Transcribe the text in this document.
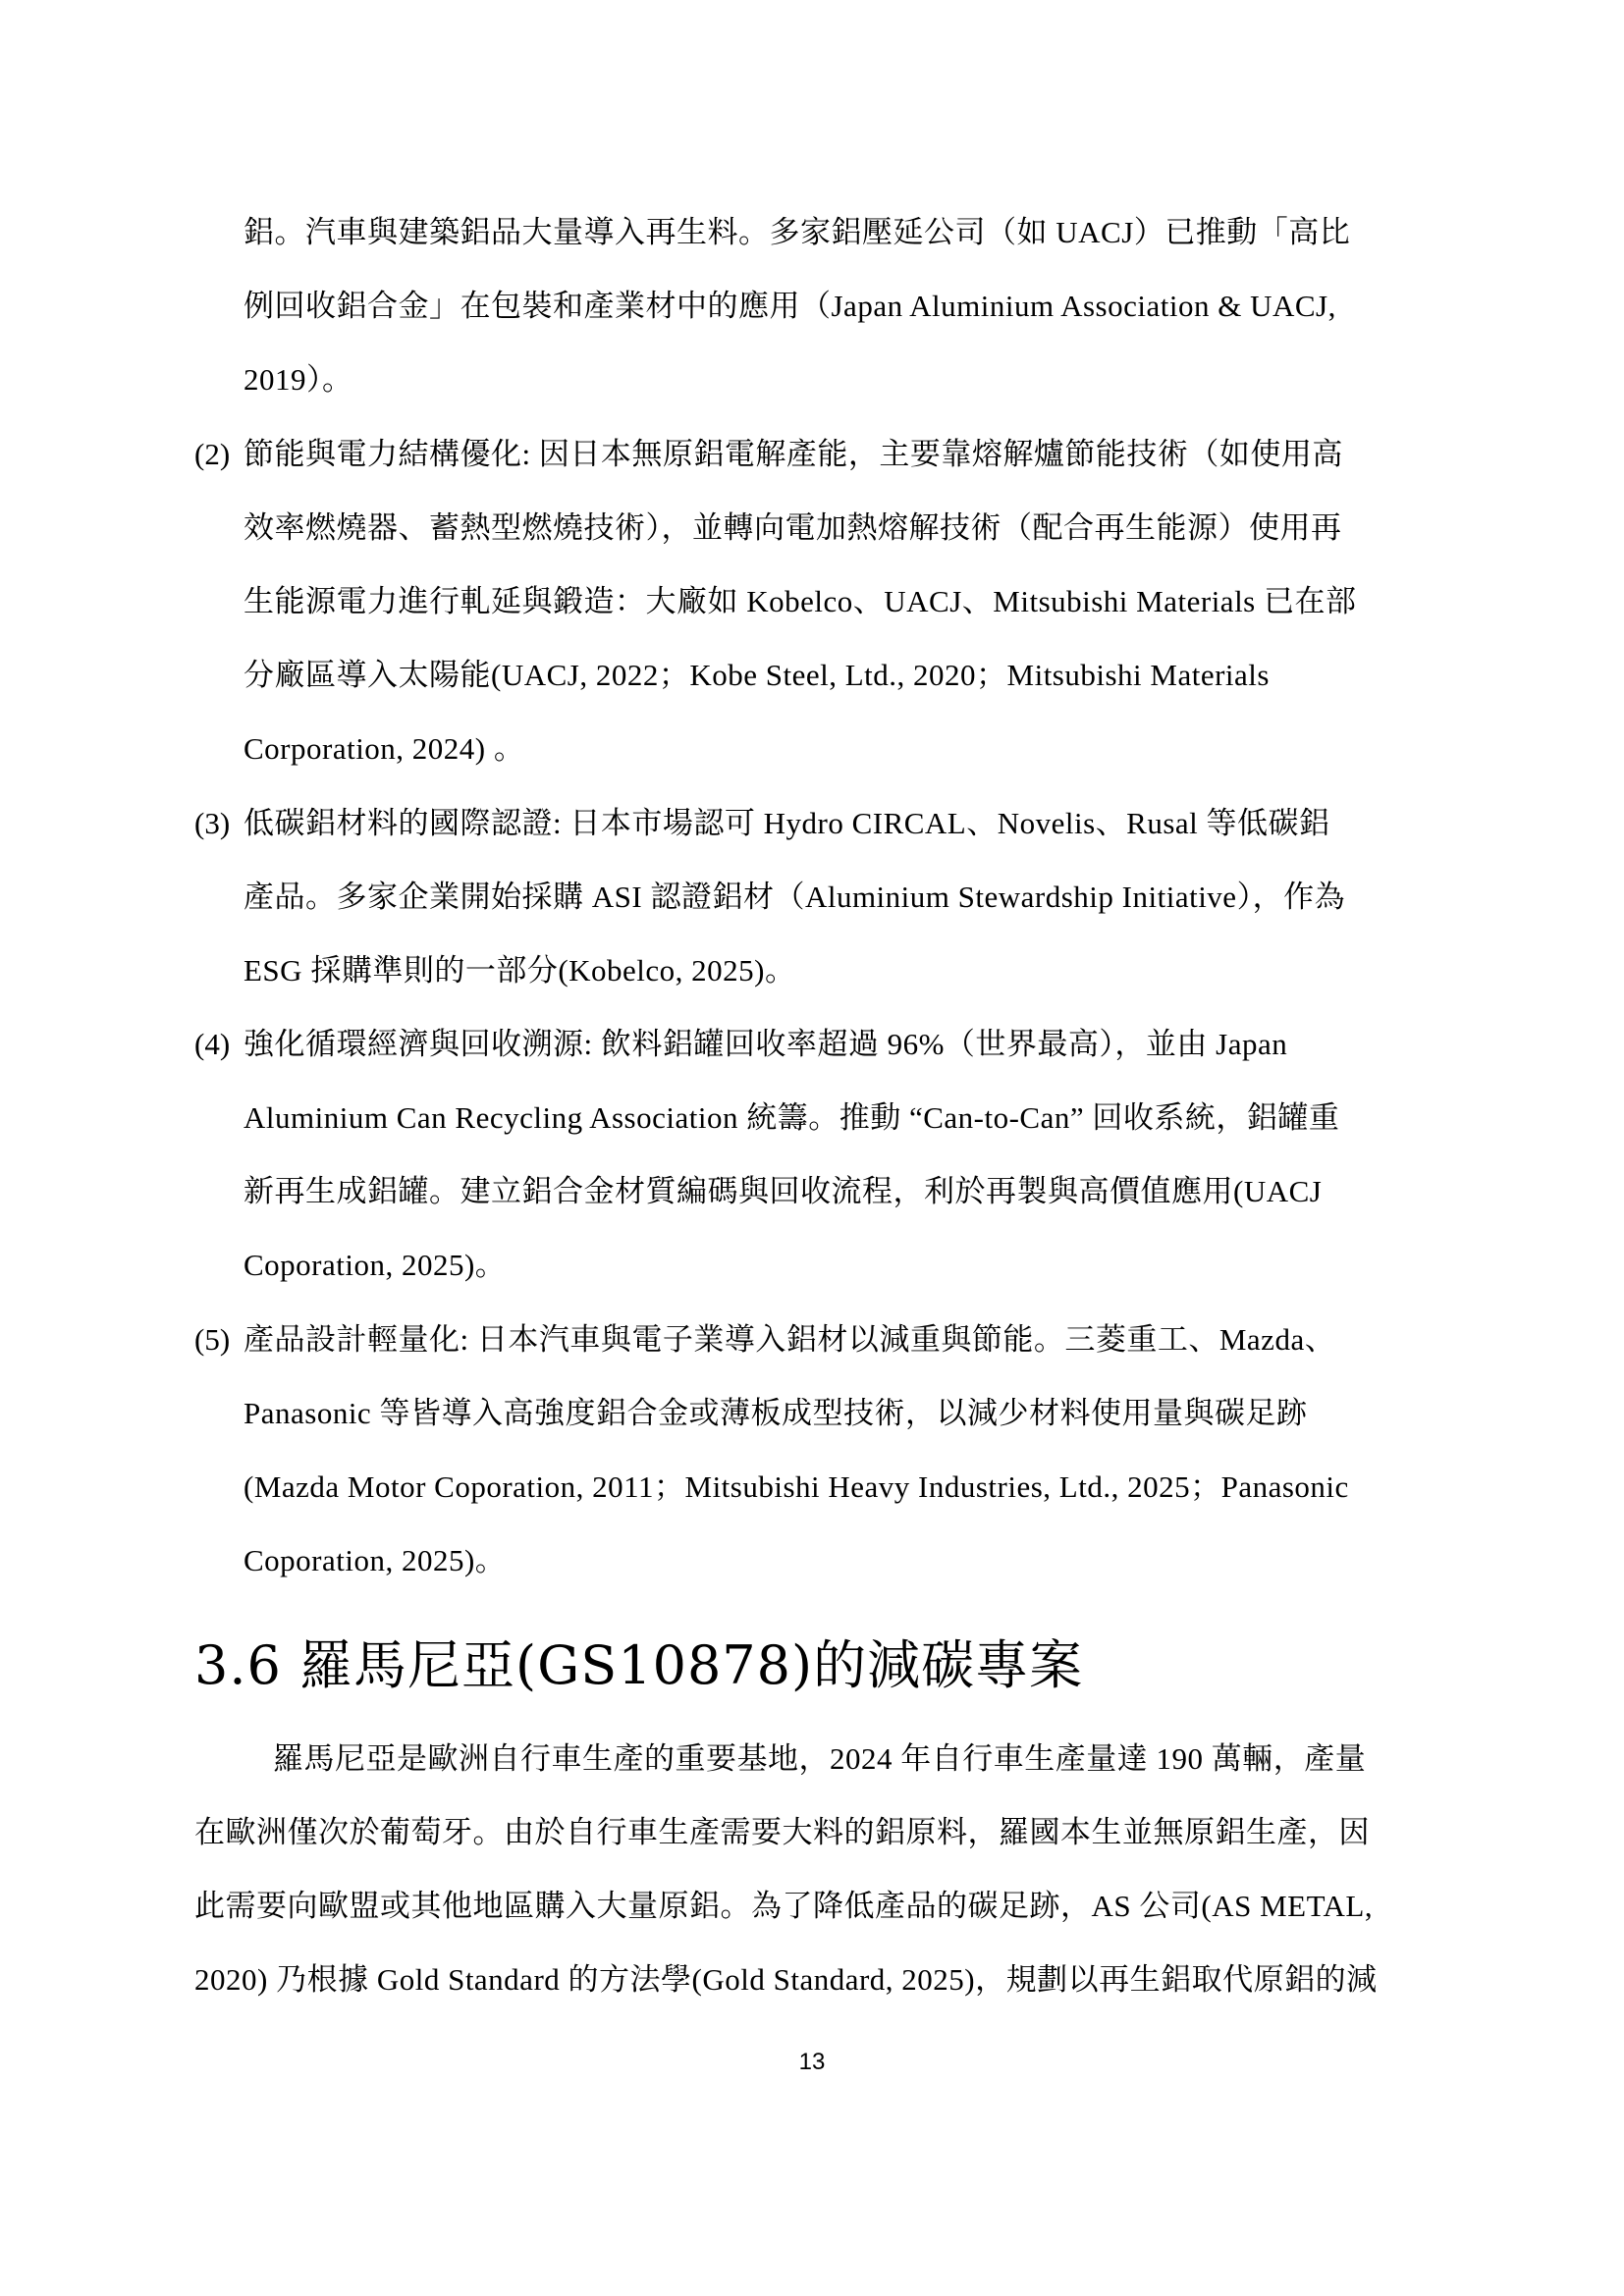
鋁。汽車與建築鋁品大量導入再生料。多家鋁壓延公司（如 UACJ）已推動「高比
例回收鋁合金」在包裝和產業材中的應用（Japan Aluminium Association & UACJ,
2019）。
(2) 節能與電力結構優化: 因日本無原鋁電解產能，主要靠熔解爐節能技術（如使用高
效率燃燒器、蓄熱型燃燒技術），並轉向電加熱熔解技術（配合再生能源）使用再
生能源電力進行軋延與鍛造：大廠如 Kobelco、UACJ、Mitsubishi Materials 已在部
分廠區導入太陽能(UACJ, 2022；Kobe Steel, Ltd., 2020；Mitsubishi Materials
Corporation, 2024) 。
(3) 低碳鋁材料的國際認證: 日本市場認可 Hydro CIRCAL、Novelis、Rusal 等低碳鋁
產品。多家企業開始採購 ASI 認證鋁材（Aluminium Stewardship Initiative），作為
ESG 採購準則的一部分(Kobelco, 2025)。
(4) 強化循環經濟與回收溯源: 飲料鋁罐回收率超過 96%（世界最高），並由 Japan
Aluminium Can Recycling Association 統籌。推動 “Can-to-Can” 回收系統，鋁罐重
新再生成鋁罐。建立鋁合金材質編碼與回收流程，利於再製與高價值應用(UACJ
Coporation, 2025)。
(5) 產品設計輕量化: 日本汽車與電子業導入鋁材以減重與節能。三菱重工、Mazda、
Panasonic 等皆導入高強度鋁合金或薄板成型技術，以減少材料使用量與碳足跡
(Mazda Motor Coporation, 2011；Mitsubishi Heavy Industries, Ltd., 2025；Panasonic
Coporation, 2025)。
3.6 羅馬尼亞(GS10878)的減碳專案
羅馬尼亞是歐洲自行車生產的重要基地，2024 年自行車生產量達 190 萬輛，產量
在歐洲僅次於葡萄牙。由於自行車生產需要大料的鋁原料，羅國本生並無原鋁生產，因
此需要向歐盟或其他地區購入大量原鋁。為了降低產品的碳足跡，AS 公司(AS METAL,
2020) 乃根據 Gold Standard 的方法學(Gold Standard, 2025)，規劃以再生鋁取代原鋁的減
13
